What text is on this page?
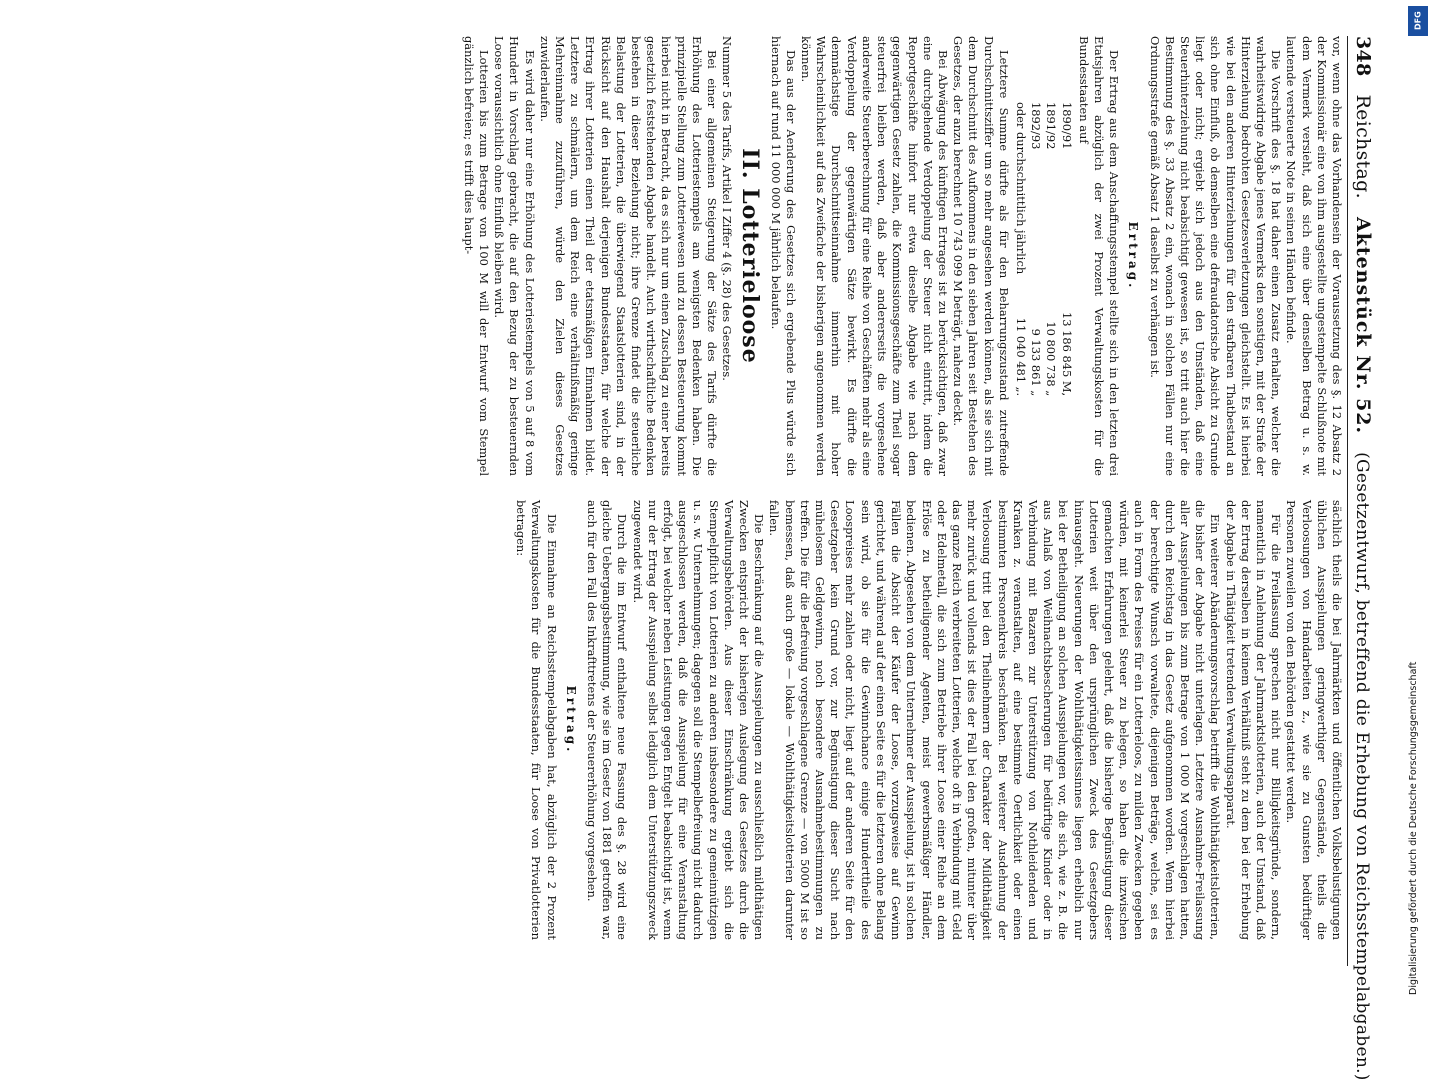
348
Reichstag.
Aktenstück Nr. 52.
(Gesetzentwurf, betreffend die Erhebung von Reichsstempelabgaben.)

vor, wenn ohne das Vorhandensein der Voraussetzung des §. 12 Absatz 2 der Kommissionär eine von ihm ausgestellte ungestempelte Schlußnote mit dem Vermerk versieht, daß sich eine über denselben Betrag u. s. w. lautende versteuerte Note in seinen Händen befinde.

Die Vorschrift des §. 18 hat daher einen Zusatz erhalten, welcher die wahrheitswidrige Abgabe jenes Vermerks den sonstigen, mit der Strafe der Hinterziehung bedrohten Gesetzesverletzungen gleichstellt. Es ist hierbei wie bei den anderen Hinterziehungen für den strafbaren Thatbestand an sich ohne Einfluß, ob demselben eine defraudatorische Absicht zu Grunde liegt oder nicht; ergiebt sich jedoch aus den Umständen, daß eine Steuerhinterziehung nicht beabsichtigt gewesen ist, so tritt auch hier die Bestimmung des §. 33 Absatz 2 ein, wonach in solchen Fällen nur eine Ordnungsstrafe gemäß Absatz 1 daselbst zu verhängen ist.

Ertrag.

Der Ertrag aus dem Anschaffungsstempel stellte sich in den letzten drei Etatsjahren abzüglich der zwei Prozent Verwaltungskosten für die Bundesstaaten auf

1890/91	13 186 845 M,
1891/92	10 800 738 „
1892/93	9 133 861 „
oder durchschnittlich jährlich	11 040 481 „.

Letztere Summe dürfte als für den Beharrungszustand zutreffende Durchschnittsziffer um so mehr angesehen werden können, als sie sich mit dem Durchschnitt des Aufkommens in den sieben Jahren seit Bestehen des Gesetzes, der anzu berechnet 10 743 099 M beträgt, nahezu deckt.

Bei Abwägung des künftigen Ertrages ist zu berücksichtigen, daß zwar eine durchgehende Verdoppelung der Steuer nicht eintritt, indem die Reportgeschäfte hinfort nur etwa dieselbe Abgabe wie nach dem gegenwärtigen Gesetz zahlen, die Kommissionsgeschäfte zum Theil sogar steuerfrei bleiben werden, daß aber andererseits die vorgesehene anderweite Steuerberechnung für eine Reihe von Geschäften mehr als eine Verdoppelung der gegenwärtigen Sätze bewirkt. Es dürfte die demnächstige Durchschnittseinnahme immerhin mit hoher Wahrscheinlichkeit auf das Zweifache der bisherigen angenommen werden können.

Das aus der Aenderung des Gesetzes sich ergebende Plus würde sich hiernach auf rund 11 000 000 M jährlich belaufen.

II. Lotterieloose

Nummer 5 des Tarifs, Artikel I Ziffer 4 (§. 28) des Gesetzes.

Bei einer allgemeinen Steigerung der Sätze des Tarifs dürfte die Erhöhung des Lotteriestempels am wenigsten Bedenken haben. Die prinzipielle Stellung zum Lotteriewesen und zu dessen Besteuerung kommt hierbei nicht in Betracht, da es sich nur um einen Zuschlag zu einer bereits gesetzlich feststehenden Abgabe handelt. Auch wirthschaftliche Bedenken bestehen in dieser Beziehung nicht; ihre Grenze findet die steuerliche Belastung der Lotterien, die überwiegend Staatslotterien sind, in der Rücksicht auf den Haushalt derjenigen Bundesstaaten, für welche der Ertrag ihrer Lotterien einen Theil der etatsmäßigen Einnahmen bildet. Letztere zu schmälern, um dem Reich eine verhältnißmäßig geringe Mehreinnahme zuzuführen, würde den Zielen dieses Gesetzes zuwiderlaufen.

Es wird daher nur eine Erhöhung des Lotteriestempels von 5 auf 8 vom Hundert in Vorschlag gebracht, die auf den Bezug der zu besteuernden Loose voraussichtlich ohne Einfluß bleiben wird.

Lotterien bis zum Betrage von 100 M will der Entwurf vom Stempel gänzlich befreien; es trifft dies haupt-

sächlich theils die bei Jahrmärkten und öffentlichen Volksbelustigungen üblichen Ausspielungen geringwerthiger Gegenstände, theils die Verloosungen von Handarbeiten z., wie sie zu Gunsten bedürftiger Personen zuweilen von den Behörden gestattet werden.

Für die Freilassung sprechen nicht nur Billigkeitsgründe, sondern, namentlich in Anlehnung der Jahrmarktslotterien, auch der Umstand, daß der Ertrag derselben in keinem Verhältniß steht zu dem bei der Erhebung der Abgabe in Thätigkeit tretenden Verwaltungsapparat.

Ein weiterer Abänderungsvorschlag betrifft die Wohlthätigkeitslotterien, die bisher der Abgabe nicht unterlagen. Letztere Ausnahme-Freilassung aller Ausspielungen bis zum Betrage von 1 000 M vorgeschlagen hatten, durch den Reichstag in das Gesetz aufgenommen worden. Wenn hierbei der berechtigte Wunsch vorwaltete, diejenigen Beträge, welche, sei es auch in Form des Preises für ein Lotterieloos, zu milden Zwecken gegeben würden, mit keinerlei Steuer zu belegen, so haben die inzwischen gemachten Erfahrungen gelehrt, daß die bisherige Begünstigung dieser Lotterien weit über den ursprünglichen Zweck des Gesetzgebers hinausgeht. Neuerungen der Wohlthätigkeitssinnes liegen erheblich nur bei der Betheiligung an solchen Ausspielungen vor, die sich, wie z. B. die aus Anlaß von Weihnachtsbescherungen für bedürftige Kinder oder in Verbindung mit Bazaren zur Unterstützung von Nothleidenden und Kranken z. veranstalten, auf eine bestimmte Oertlichkeit oder einen bestimmten Personenkreis beschränken. Bei weiterer Ausdehnung der Verloosung tritt bei den Theilnehmern der Charakter der Mildthätigkeit mehr zurück und vollends ist dies der Fall bei den großen, mitunter über das ganze Reich verbreiteten Lotterien, welche oft in Verbindung mit Geld oder Edelmetall, die sich zum Betriebe ihrer Loose einer Reihe an dem Erlöse zu betheiligender Agenten, meist gewerbsmäßiger Händler, bedienen. Abgesehen von dem Unternehmer der Ausspielung, ist in solchen Fällen die Absicht der Käufer der Loose, vorzugsweise auf Gewinn gerichtet, und während auf der einen Seite es für die letzteren ohne Belang sein wird, ob sie für die Gewinnchance einige Hunderttheile des Loospreises mehr zahlen oder nicht, liegt auf der anderen Seite für den Gesetzgeber kein Grund vor, zur Begünstigung dieser Sucht nach mühelosem Geldgewinn, noch besondere Ausnahmebestimmungen zu treffen. Die für die Befreiung vorgeschlagene Grenze — von 5000 M ist so bemessen, daß auch große — lokale — Wohlthätigkeitslotterien darunter fallen.

Die Beschränkung auf die Ausspielungen zu ausschließlich mildthätigen Zwecken entspricht der bisherigen Auslegung des Gesetzes durch die Verwaltungsbehörden. Aus dieser Einschränkung ergiebt sich die Stempelpflicht von Lotterien zu anderen insbesondere zu gemeinnützigen u. s. w. Unternehmungen; dagegen soll die Stempelbefreiung nicht dadurch ausgeschlossen werden, daß die Ausspielung für eine Veranstaltung erfolgt, bei welcher neben Leistungen gegen Entgelt beabsichtigt ist, wenn nur der Ertrag der Ausspielung selbst lediglich dem Unterstützungszweck zugewendet wird.

Durch die im Entwurf enthaltene neue Fassung des §. 28 wird eine gleiche Uebergangsbestimmung, wie sie im Gesetz von 1881 getroffen war, auch für den Fall des Inkrafttretens der Steuererhöhung vorgesehen.

Ertrag.

Die Einnahme an Reichsstempelabgaben hat, abzüglich der 2 Prozent Verwaltungskosten für die Bundesstaaten, für Loose von Privatlotterien betragen:

Digitalisierung gefördert durch die Deutsche Forschungsgemeinschaft
DFG
